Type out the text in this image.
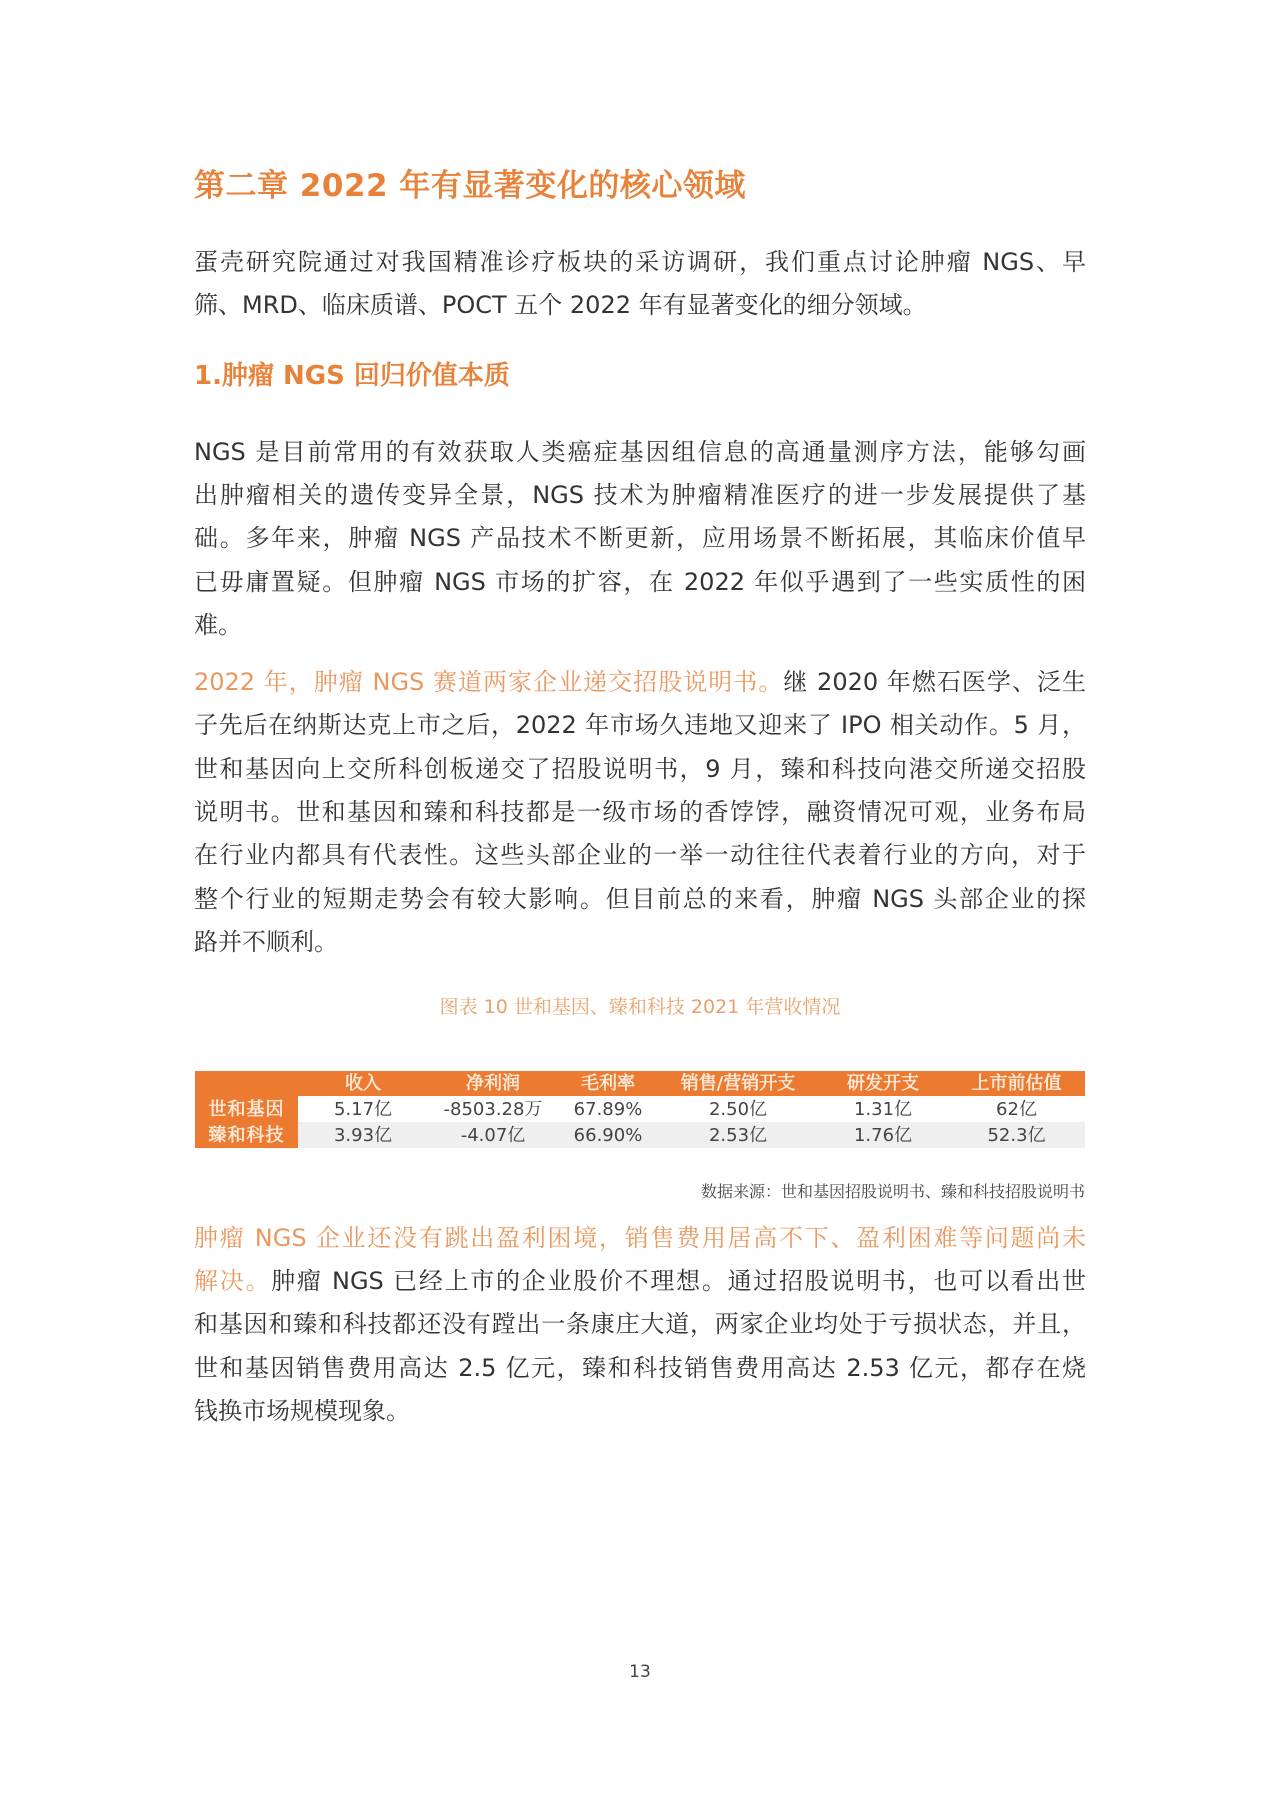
第二章 2022 年有显著变化的核心领域
蛋壳研究院通过对我国精准诊疗板块的采访调研，我们重点讨论肿瘤 NGS、早
筛、MRD、临床质谱、POCT 五个 2022 年有显著变化的细分领域。
1.肿瘤 NGS 回归价值本质
NGS 是目前常用的有效获取人类癌症基因组信息的高通量测序方法，能够勾画
出肿瘤相关的遗传变异全景，NGS 技术为肿瘤精准医疗的进一步发展提供了基
础。多年来，肿瘤 NGS 产品技术不断更新，应用场景不断拓展，其临床价值早
已毋庸置疑。但肿瘤 NGS 市场的扩容，在 2022 年似乎遇到了一些实质性的困
难。
2022 年，肿瘤 NGS 赛道两家企业递交招股说明书。继 2020 年燃石医学、泛生
子先后在纳斯达克上市之后，2022 年市场久违地又迎来了 IPO 相关动作。5 月，
世和基因向上交所科创板递交了招股说明书，9 月，臻和科技向港交所递交招股
说明书。世和基因和臻和科技都是一级市场的香饽饽，融资情况可观，业务布局
在行业内都具有代表性。这些头部企业的一举一动往往代表着行业的方向，对于
整个行业的短期走势会有较大影响。但目前总的来看，肿瘤 NGS 头部企业的探
路并不顺利。
图表 10 世和基因、臻和科技 2021 年营收情况
	收入	净利润	毛利率	销售/营销开支	研发开支	上市前估值
世和基因	5.17亿	-8503.28万	67.89%	2.50亿	1.31亿	62亿
臻和科技	3.93亿	-4.07亿	66.90%	2.53亿	1.76亿	52.3亿
数据来源：世和基因招股说明书、臻和科技招股说明书
肿瘤 NGS 企业还没有跳出盈利困境，销售费用居高不下、盈利困难等问题尚未
解决。肿瘤 NGS 已经上市的企业股价不理想。通过招股说明书，也可以看出世
和基因和臻和科技都还没有蹚出一条康庄大道，两家企业均处于亏损状态，并且，
世和基因销售费用高达 2.5 亿元，臻和科技销售费用高达 2.53 亿元，都存在烧
钱换市场规模现象。
13
